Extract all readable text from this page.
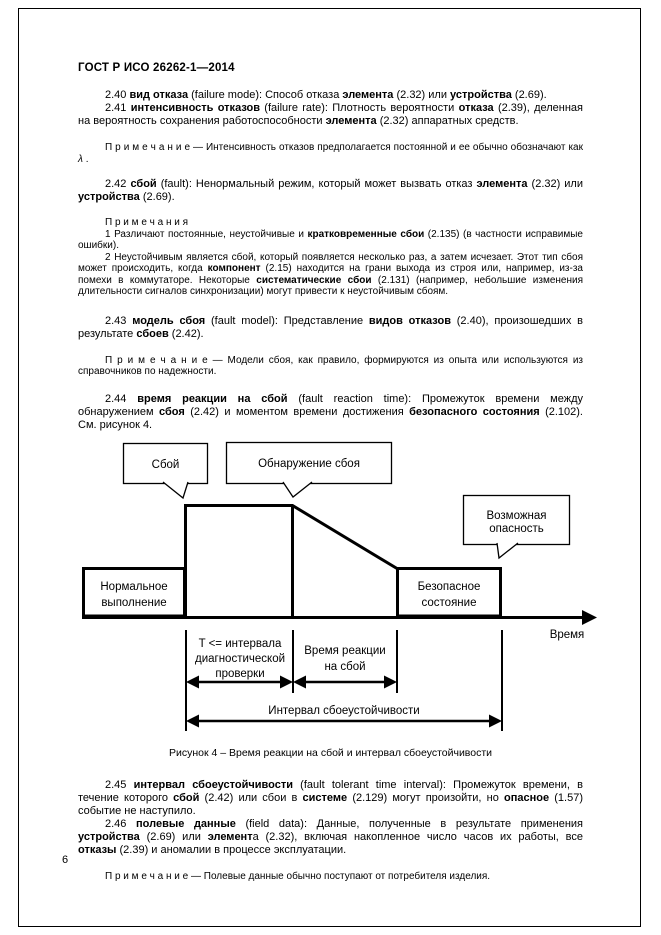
ГОСТ Р ИСО 26262-1—2014

2.40 вид отказа (failure mode): Способ отказа элемента (2.32) или устройства (2.69).

2.41 интенсивность отказов (failure rate): Плотность вероятности отказа (2.39), деленная на вероятность сохранения работоспособности элемента (2.32) аппаратных средств.

П р и м е ч а н и е — Интенсивность отказов предполагается постоянной и ее обычно обозначают как λ .

2.42 сбой (fault): Ненормальный режим, который может вызвать отказ элемента (2.32) или устройства (2.69).

П р и м е ч а н и я

1 Различают постоянные, неустойчивые и кратковременные сбои (2.135) (в частности исправимые ошибки).

2 Неустойчивым является сбой, который появляется несколько раз, а затем исчезает. Этот тип сбоя может происходить, когда компонент (2.15) находится на грани выхода из строя или, например, из-за помехи в коммутаторе. Некоторые систематические сбои (2.131) (например, небольшие изменения длительности сигналов синхронизации) могут привести к неустойчивым сбоям.

2.43 модель сбоя (fault model): Представление видов отказов (2.40), произошедших в результате сбоев (2.42).

П р и м е ч а н и е — Модели сбоя, как правило, формируются из опыта или используются из справочников по надежности.

2.44 время реакции на сбой (fault reaction time): Промежуток времени между обнаружением сбоя (2.42) и моментом времени достижения безопасного состояния (2.102). См. рисунок 4.

Нормальное
выполнение
Безопасное
состояние
Время
Сбой	Обнаружение сбоя
Возможная
опасность
T <= интервала
диагностической
проверки
Время реакции
на сбой
Интервал сбоеустойчивости

Рисунок 4 – Время реакции на сбой и интервал сбоеустойчивости

2.45 интервал сбоеустойчивости (fault tolerant time interval): Промежуток времени, в течение которого сбой (2.42) или сбои в системе (2.129) могут произойти, но опасное (1.57) событие не наступило.

2.46 полевые данные (field data): Данные, полученные в результате применения устройства (2.69) или элемента (2.32), включая накопленное число часов их работы, все отказы (2.39) и аномалии в процессе эксплуатации.

П р и м е ч а н и е — Полевые данные обычно поступают от потребителя изделия.

6
